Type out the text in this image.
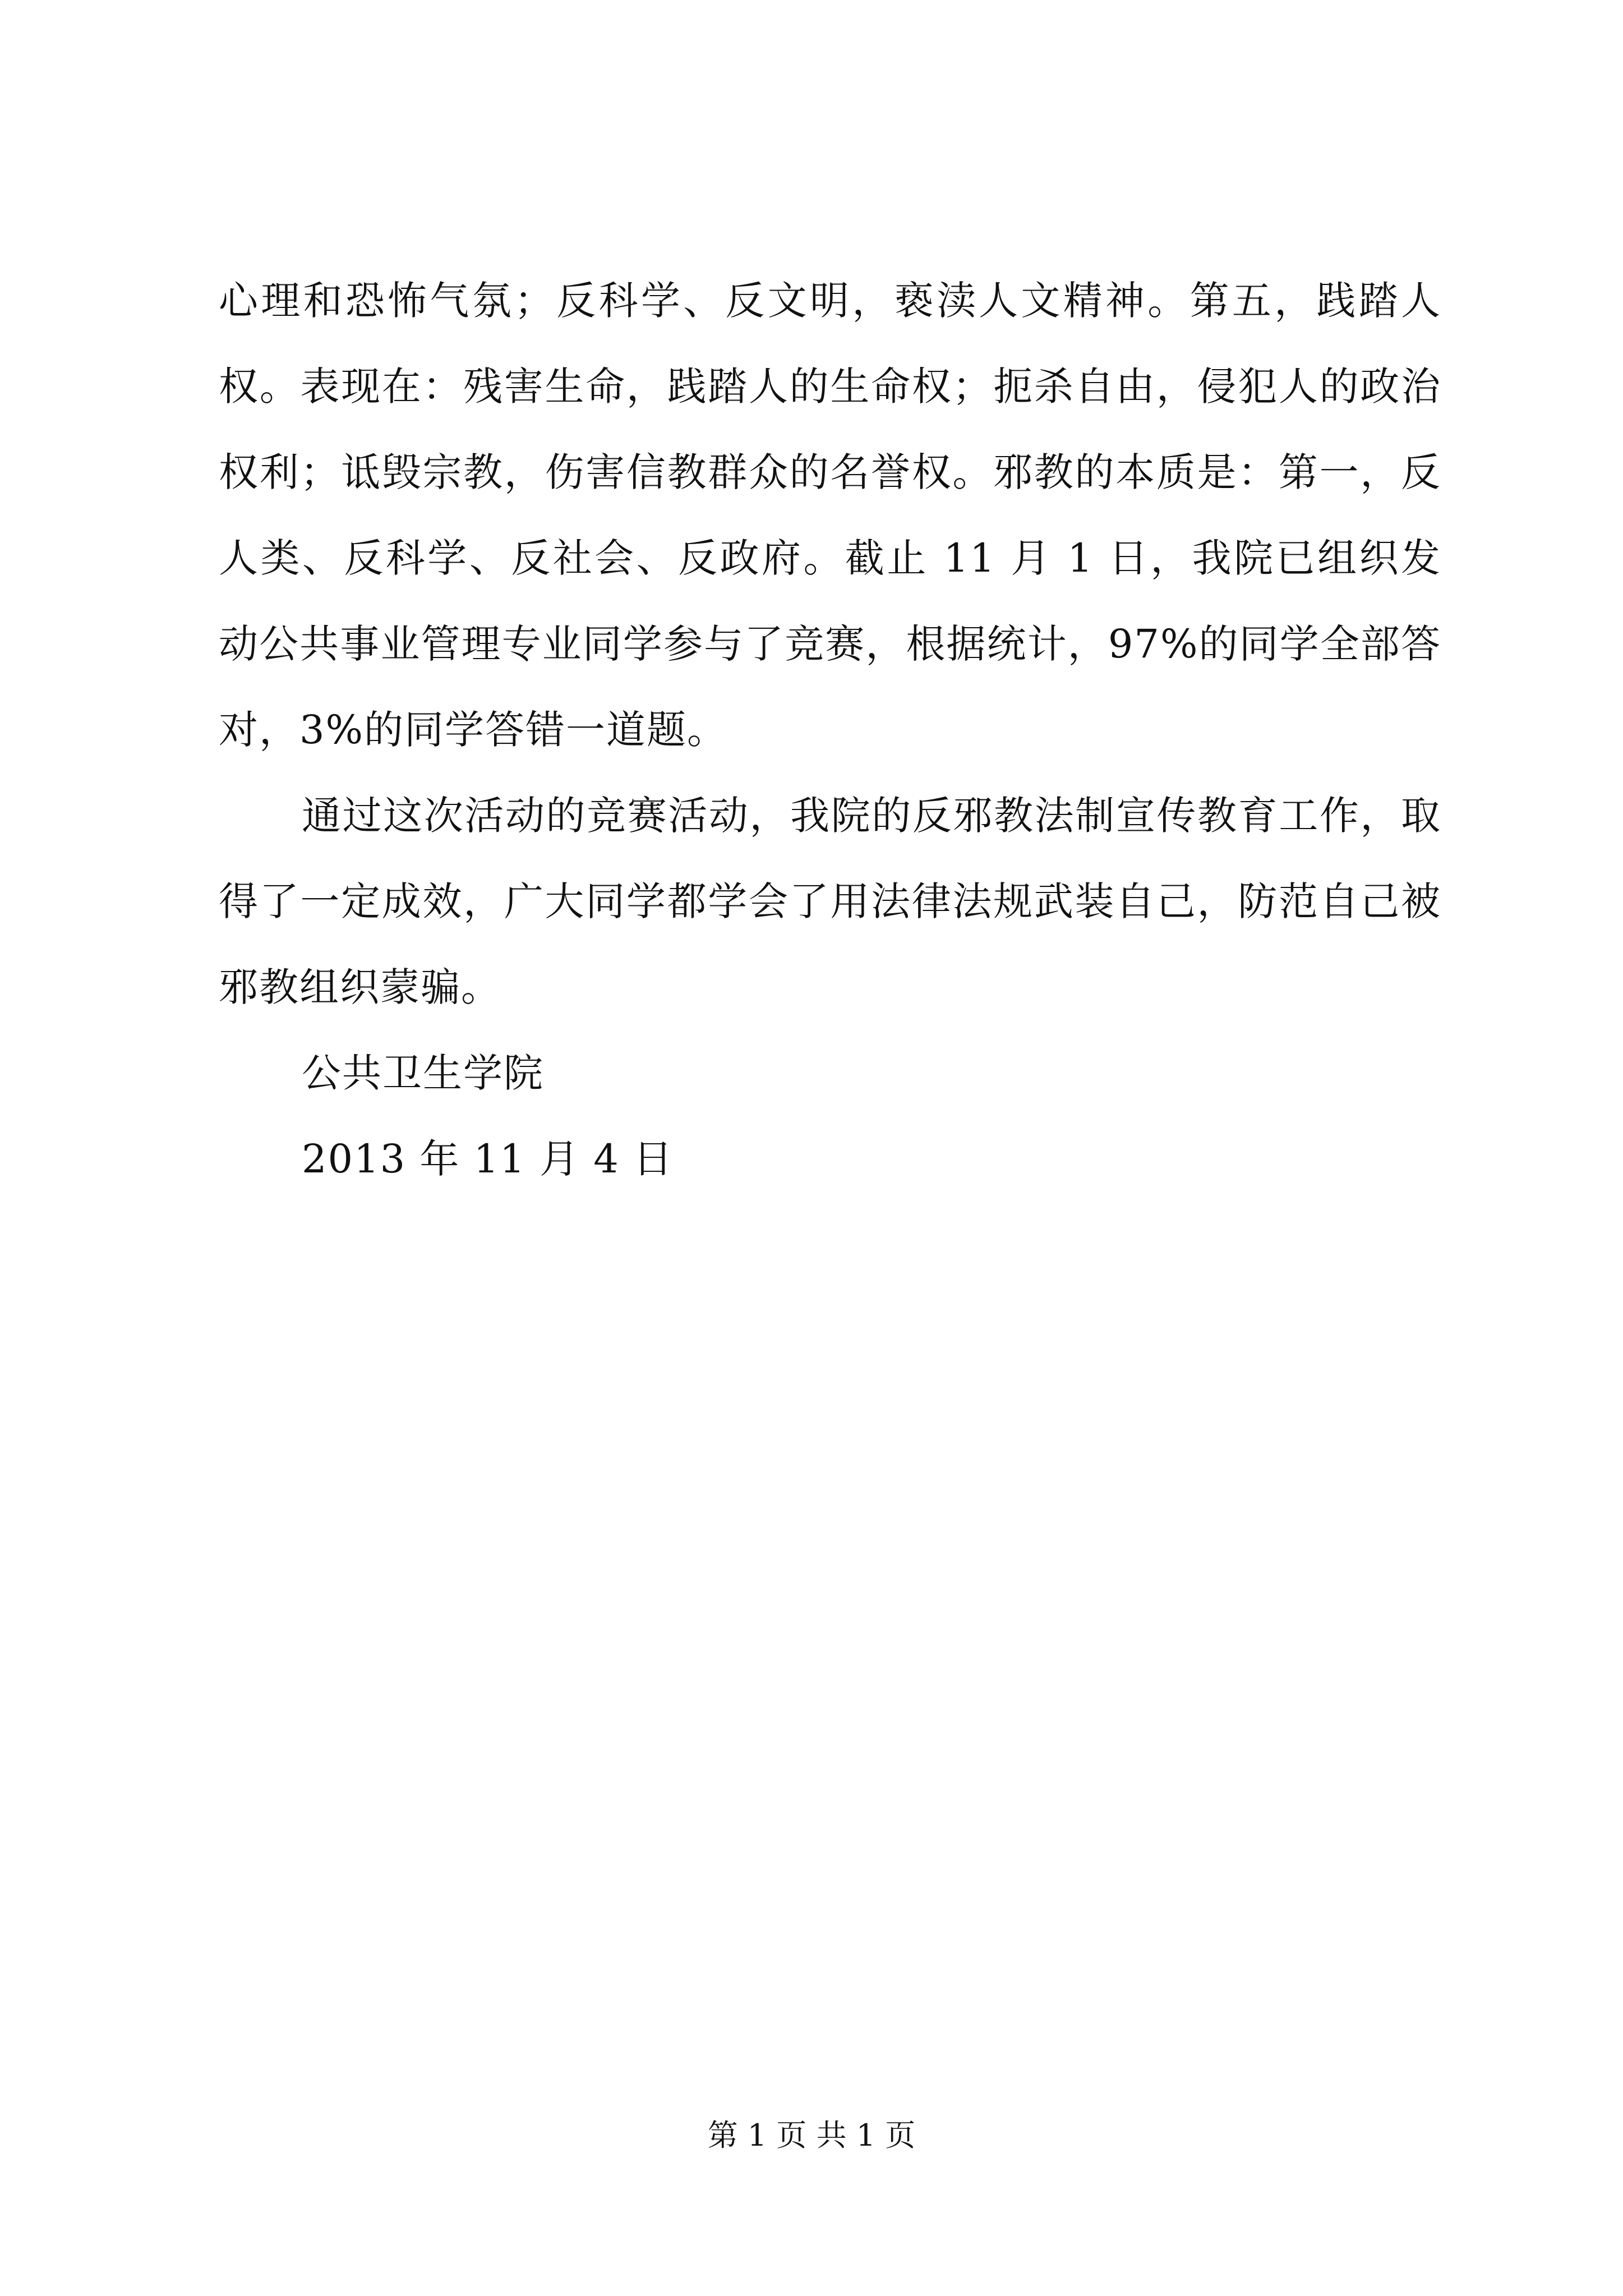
心理和恐怖气氛；反科学、反文明，亵渎人文精神。第五，践踏人权。表现在：残害生命，践踏人的生命权；扼杀自由，侵犯人的政治权利；诋毁宗教，伤害信教群众的名誉权。邪教的本质是：第一，反人类、反科学、反社会、反政府。截止 11 月 1 日，我院已组织发动公共事业管理专业同学参与了竞赛，根据统计，97%的同学全部答对，3%的同学答错一道题。

通过这次活动的竞赛活动，我院的反邪教法制宣传教育工作，取得了一定成效，广大同学都学会了用法律法规武装自己，防范自己被邪教组织蒙骗。

公共卫生学院

2013 年 11 月 4 日

第 1 页 共 1 页
